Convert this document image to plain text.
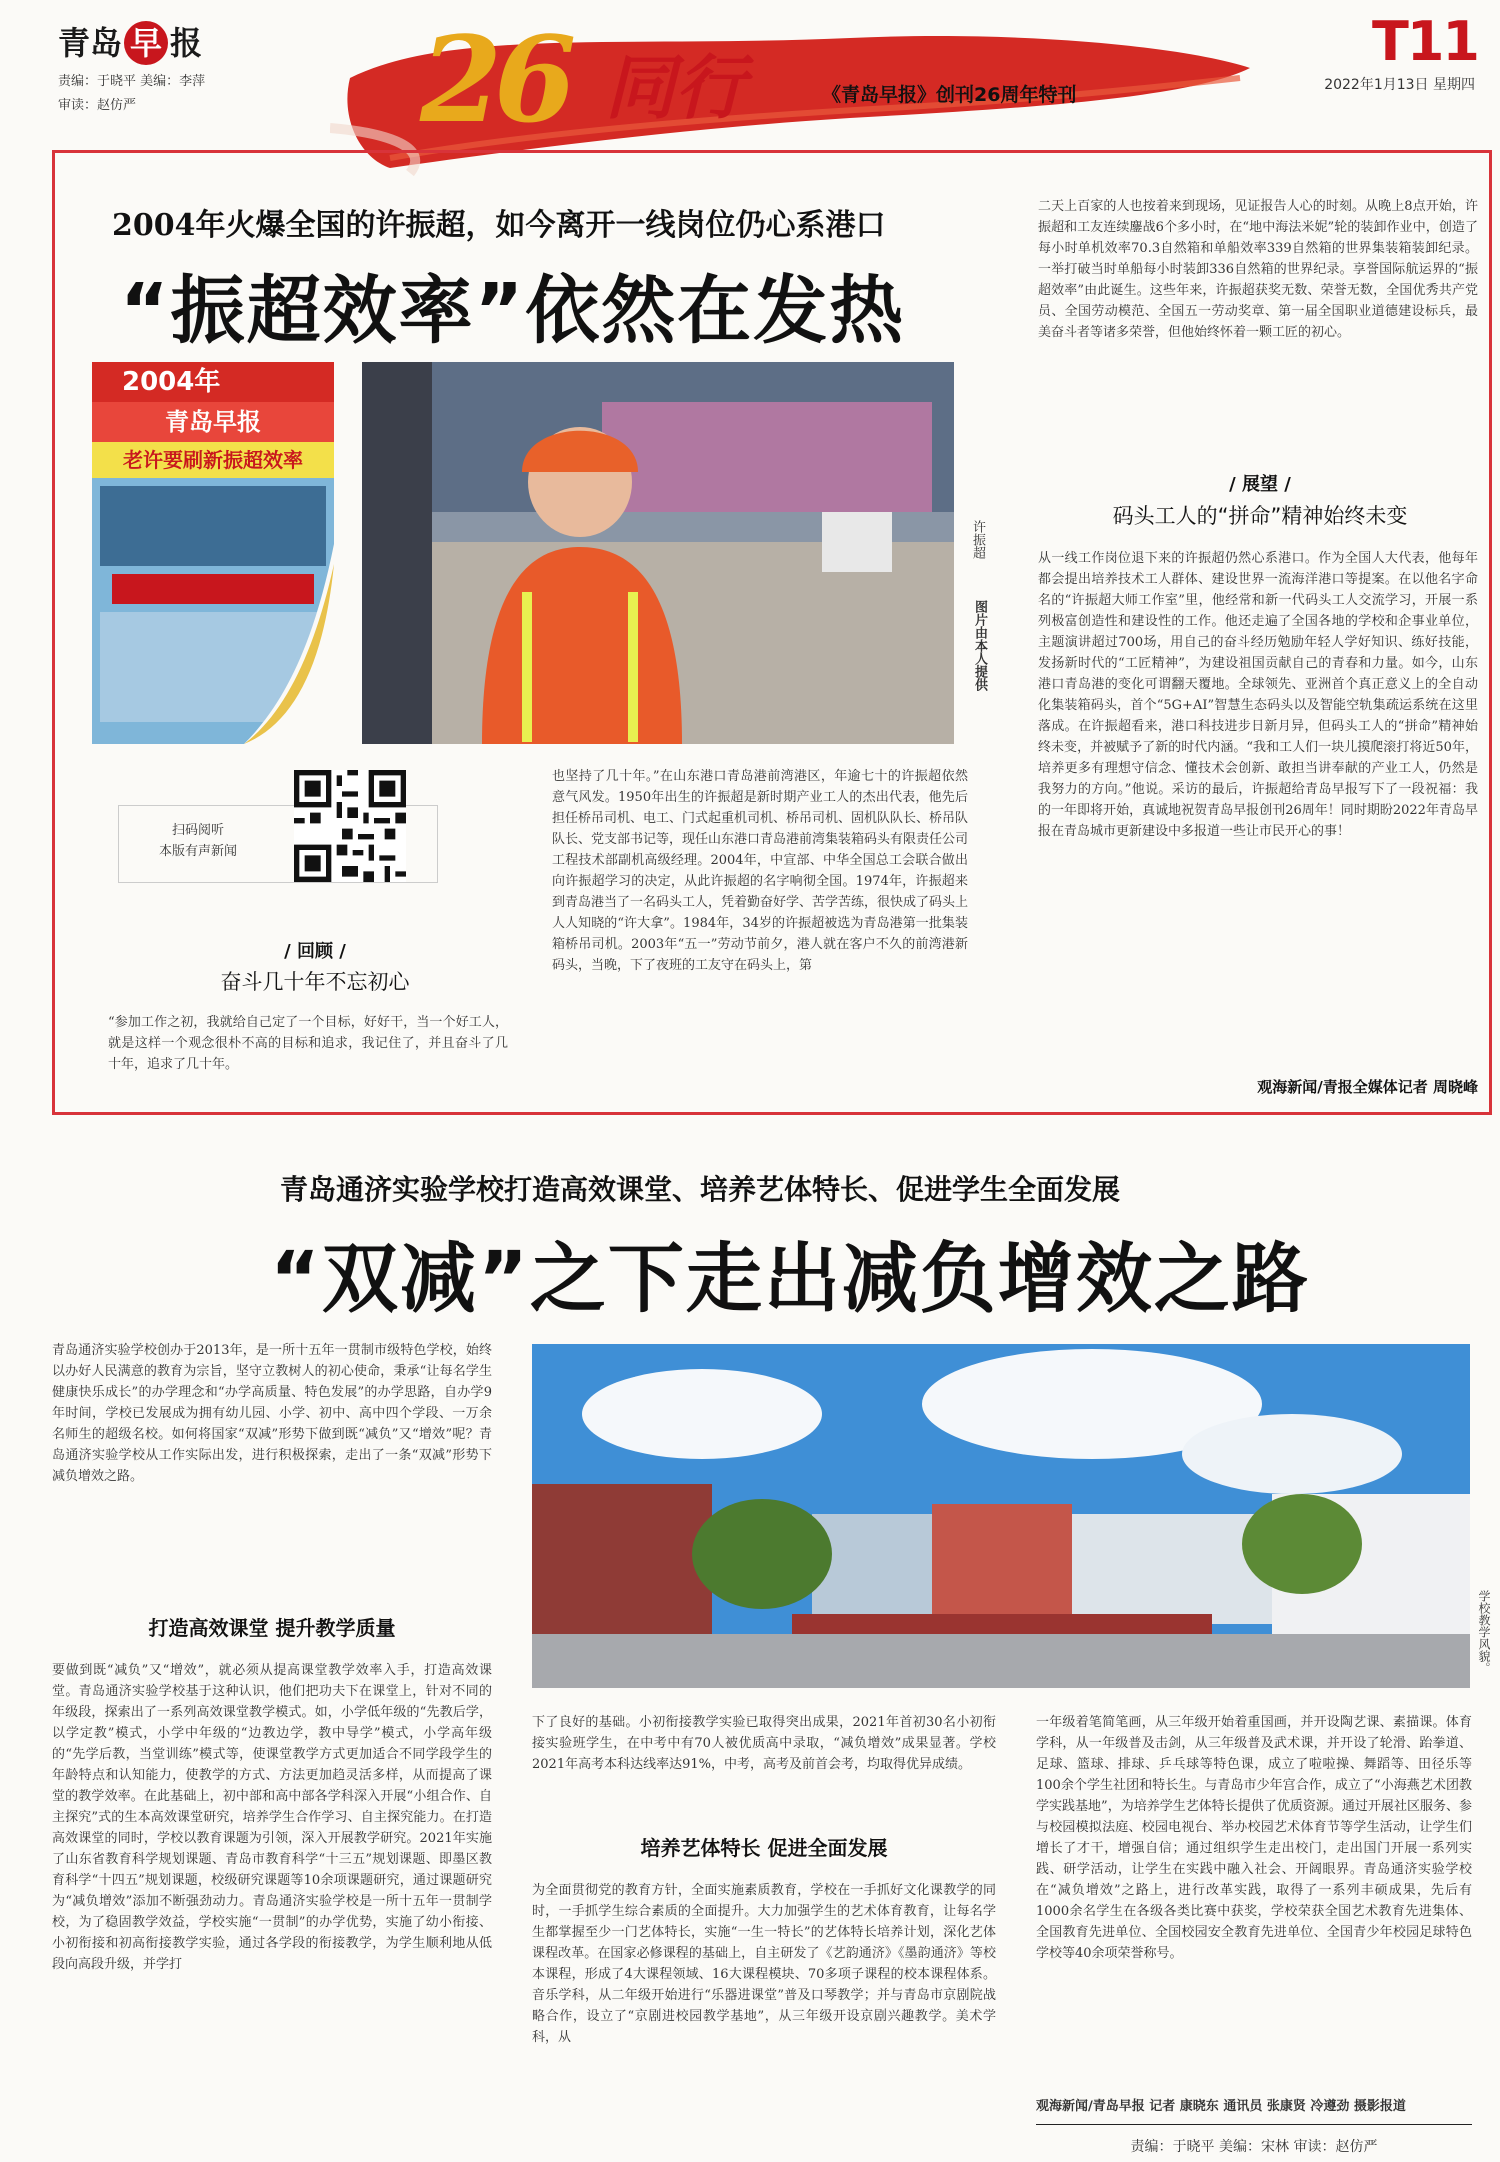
青岛 早 报
责编：于晓平 美编：李萍
审读：赵仿严	26 同行	《青岛早报》创刊26周年特刊
T11
2022年1月13日 星期四
2004年火爆全国的许振超，如今离开一线岗位仍心系港口
“振超效率”依然在发热
2004年
青岛早报
老许要刷新振超效率
许振超
图片由本人提供
扫码阅听
本版有声新闻
/ 回顾 /
奋斗几十年不忘初心
“参加工作之初，我就给自己定了一个目标，好好干，当一个好工人，就是这样一个观念很朴不高的目标和追求，我记住了，并且奋斗了几十年，追求了几十年。
也坚持了几十年。”在山东港口青岛港前湾港区，年逾七十的许振超依然意气风发。1950年出生的许振超是新时期产业工人的杰出代表，他先后担任桥吊司机、电工、门式起重机司机、桥吊司机、固机队队长、桥吊队队长、党支部书记等，现任山东港口青岛港前湾集装箱码头有限责任公司工程技术部副机高级经理。2004年，中宣部、中华全国总工会联合做出向许振超学习的决定，从此许振超的名字响彻全国。1974年，许振超来到青岛港当了一名码头工人，凭着勤奋好学、苦学苦练，很快成了码头上人人知晓的“许大拿”。1984年，34岁的许振超被选为青岛港第一批集装箱桥吊司机。2003年“五一”劳动节前夕，港人就在客户不久的前湾港新码头，当晚，下了夜班的工友守在码头上，第
二天上百家的人也按着来到现场，见证报告人心的时刻。从晚上8点开始，许振超和工友连续鏖战6个多小时，在“地中海法米妮”轮的装卸作业中，创造了每小时单机效率70.3自然箱和单船效率339自然箱的世界集装箱装卸纪录。一举打破当时单船每小时装卸336自然箱的世界纪录。享誉国际航运界的“振超效率”由此诞生。这些年来，许振超获奖无数、荣誉无数，全国优秀共产党员、全国劳动模范、全国五一劳动奖章、第一届全国职业道德建设标兵，最美奋斗者等诸多荣誉，但他始终怀着一颗工匠的初心。
/ 展望 /
码头工人的“拼命”精神始终未变
从一线工作岗位退下来的许振超仍然心系港口。作为全国人大代表，他每年都会提出培养技术工人群体、建设世界一流海洋港口等提案。在以他名字命名的“许振超大师工作室”里，他经常和新一代码头工人交流学习，开展一系列极富创造性和建设性的工作。他还走遍了全国各地的学校和企事业单位，主题演讲超过700场，用自己的奋斗经历勉励年轻人学好知识、练好技能，发扬新时代的“工匠精神”，为建设祖国贡献自己的青春和力量。如今，山东港口青岛港的变化可谓翻天覆地。全球领先、亚洲首个真正意义上的全自动化集装箱码头，首个“5G+AI”智慧生态码头以及智能空轨集疏运系统在这里落成。在许振超看来，港口科技进步日新月异，但码头工人的“拼命”精神始终未变，并被赋予了新的时代内涵。“我和工人们一块儿摸爬滚打将近50年，培养更多有理想守信念、懂技术会创新、敢担当讲奉献的产业工人，仍然是我努力的方向。”他说。采访的最后，许振超给青岛早报写下了一段祝福：我的一年即将开始，真诚地祝贺青岛早报创刊26周年！同时期盼2022年青岛早报在青岛城市更新建设中多报道一些让市民开心的事！
观海新闻/青报全媒体记者 周晓峰
青岛通济实验学校打造高效课堂、培养艺体特长、促进学生全面发展
“双减”之下走出减负增效之路
青岛通济实验学校创办于2013年，是一所十五年一贯制市级特色学校，始终以办好人民满意的教育为宗旨，坚守立教树人的初心使命，秉承“让每名学生健康快乐成长”的办学理念和“办学高质量、特色发展”的办学思路，自办学9年时间，学校已发展成为拥有幼儿园、小学、初中、高中四个学段、一万余名师生的超级名校。如何将国家“双减”形势下做到既“减负”又“增效”呢？青岛通济实验学校从工作实际出发，进行积极探索，走出了一条“双减”形势下减负增效之路。
打造高效课堂 提升教学质量
要做到既“减负”又“增效”，就必须从提高课堂教学效率入手，打造高效课堂。青岛通济实验学校基于这种认识，他们把功夫下在课堂上，针对不同的年级段，探索出了一系列高效课堂教学模式。如，小学低年级的“先教后学，以学定教”模式，小学中年级的“边教边学，教中导学”模式，小学高年级的“先学后教，当堂训练”模式等，使课堂教学方式更加适合不同学段学生的年龄特点和认知能力，使教学的方式、方法更加趋灵活多样，从而提高了课堂的教学效率。在此基础上，初中部和高中部各学科深入开展“小组合作、自主探究”式的生本高效课堂研究，培养学生合作学习、自主探究能力。在打造高效课堂的同时，学校以教育课题为引领，深入开展教学研究。2021年实施了山东省教育科学规划课题、青岛市教育科学“十三五”规划课题、即墨区教育科学“十四五”规划课题，校级研究课题等10余项课题研究，通过课题研究为“减负增效”添加不断强劲动力。青岛通济实验学校是一所十五年一贯制学校，为了稳固教学效益，学校实施“一贯制”的办学优势，实施了幼小衔接、小初衔接和初高衔接教学实验，通过各学段的衔接教学，为学生顺利地从低段向高段升级，并学打
学校教学风貌。
下了良好的基础。小初衔接教学实验已取得突出成果，2021年首初30名小初衔接实验班学生，在中考中有70人被优质高中录取，“减负增效”成果显著。学校2021年高考本科达线率达91%，中考，高考及前首会考，均取得优异成绩。
培养艺体特长 促进全面发展
为全面贯彻党的教育方针，全面实施素质教育，学校在一手抓好文化课教学的同时，一手抓学生综合素质的全面提升。大力加强学生的艺术体育教育，让每名学生都掌握至少一门艺体特长，实施“一生一特长”的艺体特长培养计划，深化艺体课程改革。在国家必修课程的基础上，自主研发了《艺韵通济》《墨韵通济》等校本课程，形成了4大课程领域、16大课程模块、70多项子课程的校本课程体系。音乐学科，从二年级开始进行“乐器进课堂”普及口琴教学；并与青岛市京剧院战略合作，设立了“京剧进校园教学基地”，从三年级开设京剧兴趣教学。美术学科，从
一年级着笔简笔画，从三年级开始着重国画，并开设陶艺课、素描课。体育学科，从一年级普及击剑，从三年级普及武术课，并开设了轮滑、跆拳道、足球、篮球、排球、乒乓球等特色课，成立了啦啦操、舞蹈等、田径乐等100余个学生社团和特长生。与青岛市少年宫合作，成立了“小海燕艺术团教学实践基地”，为培养学生艺体特长提供了优质资源。通过开展社区服务、参与校园模拟法庭、校园电视台、举办校园艺术体育节等学生活动，让学生们增长了才干，增强自信；通过组织学生走出校门，走出国门开展一系列实践、研学活动，让学生在实践中融入社会、开阔眼界。青岛通济实验学校在“减负增效”之路上，进行改革实践，取得了一系列丰硕成果，先后有1000余名学生在各级各类比赛中获奖，学校荣获全国艺术教育先进集体、全国教育先进单位、全国校园安全教育先进单位、全国青少年校园足球特色学校等40余项荣誉称号。
观海新闻/青岛早报 记者 康晓东 通讯员 张康贤 冷遵劲 摄影报道
责编：于晓平 美编：宋林 审读：赵仿严
